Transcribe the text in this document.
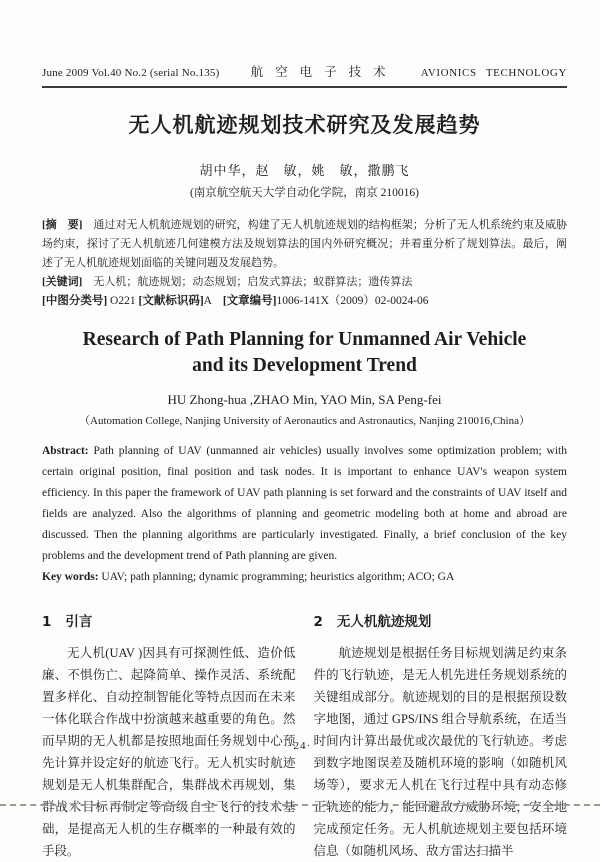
June 2009 Vol.40 No.2 (serial No.135) 航 空 电 子 技 术	AVIONICS TECHNOLOGY
无人机航迹规划技术研究及发展趋势
胡中华，赵　敏，姚　敏，撒鹏飞
(南京航空航天大学自动化学院，南京 210016)

[摘　要]　 通过对无人机航迹规划的研究，构建了无人机航迹规划的结构框架；分析了无人机系统约束及威胁场约束，探讨了无人机航迹几何建模方法及规划算法的国内外研究概况；并着重分析了规划算法。最后，阐述了无人机航迹规划面临的关键问题及发展趋势。

[关键词]　 无人机；航迹规划；动态规划；启发式算法；蚁群算法；遗传算法

[中图分类号] O221 [文献标识码]A　[文章编号]1006-141X（2009）02-0024-06

Research of Path Planning for Unmanned Air Vehicle
and its Development Trend
HU Zhong-hua ,ZHAO Min, YAO Min, SA Peng-fei
（Automation College, Nanjing University of Aeronautics and Astronautics, Nanjing 210016,China）

Abstract: Path planning of UAV (unmanned air vehicles) usually involves some optimization problem; with certain original position, final position and task nodes. It is important to enhance UAV's weapon system efficiency. In this paper the framework of UAV path planning is set forward and the constraints of UAV itself and fields are analyzed. Also the algorithms of planning and geometric modeling both at home and abroad are discussed. Then the planning algorithms are particularly investigated. Finally, a brief conclusion of the key problems and the development trend of Path planning are given.

Key words: UAV; path planning; dynamic programming; heuristics algorithm; ACO; GA

1 引言

无人机(UAV )因具有可探测性低、造价低廉、不惧伤亡、起降简单、操作灵活、系统配置多样化、自动控制智能化等特点因而在未来一体化联合作战中扮演越来越重要的角色。然而早期的无人机都是按照地面任务规划中心预先计算并设定好的航迹飞行。无人机实时航迹规划是无人机集群配合，集群战术再规划，集群战术目标再制定等高级自主飞行的技术基础，是提高无人机的生存概率的一种最有效的手段。

2 无人机航迹规划

航迹规划是根据任务目标规划满足约束条件的飞行轨迹，是无人机先进任务规划系统的关键组成部分。航迹规划的目的是根据预设数字地图，通过 GPS/INS 组合导航系统，在适当时间内计算出最优或次最优的飞行轨迹。考虑到数字地图误差及随机环境的影响（如随机风场等），要求无人机在飞行过程中具有动态修正轨迹的能力，能回避敌方威胁环境，安全地完成预定任务。无人机航迹规划主要包括环境信息（如随机风场、敌方雷达扫描半

·24·
